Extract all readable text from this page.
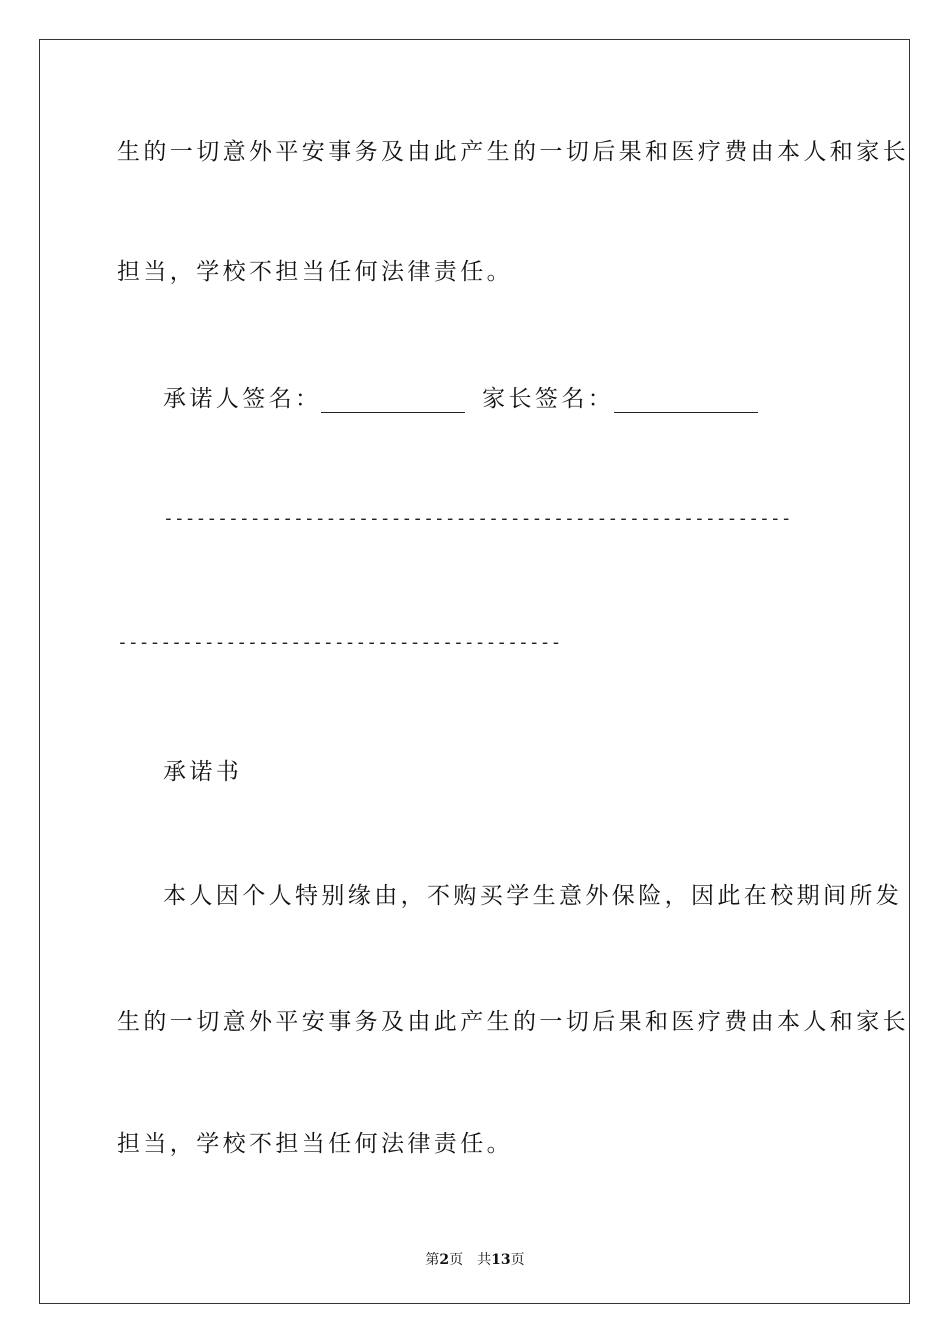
生的一切意外平安事务及由此产生的一切后果和医疗费由本人和家长

担当，学校不担当任何法律责任。

承诺人签名：	家长签名：

----------------------------------------------------------

-----------------------------------------

承诺书

本人因个人特别缘由，不购买学生意外保险，因此在校期间所发

生的一切意外平安事务及由此产生的一切后果和医疗费由本人和家长

担当，学校不担当任何法律责任。

第2页　共13页
